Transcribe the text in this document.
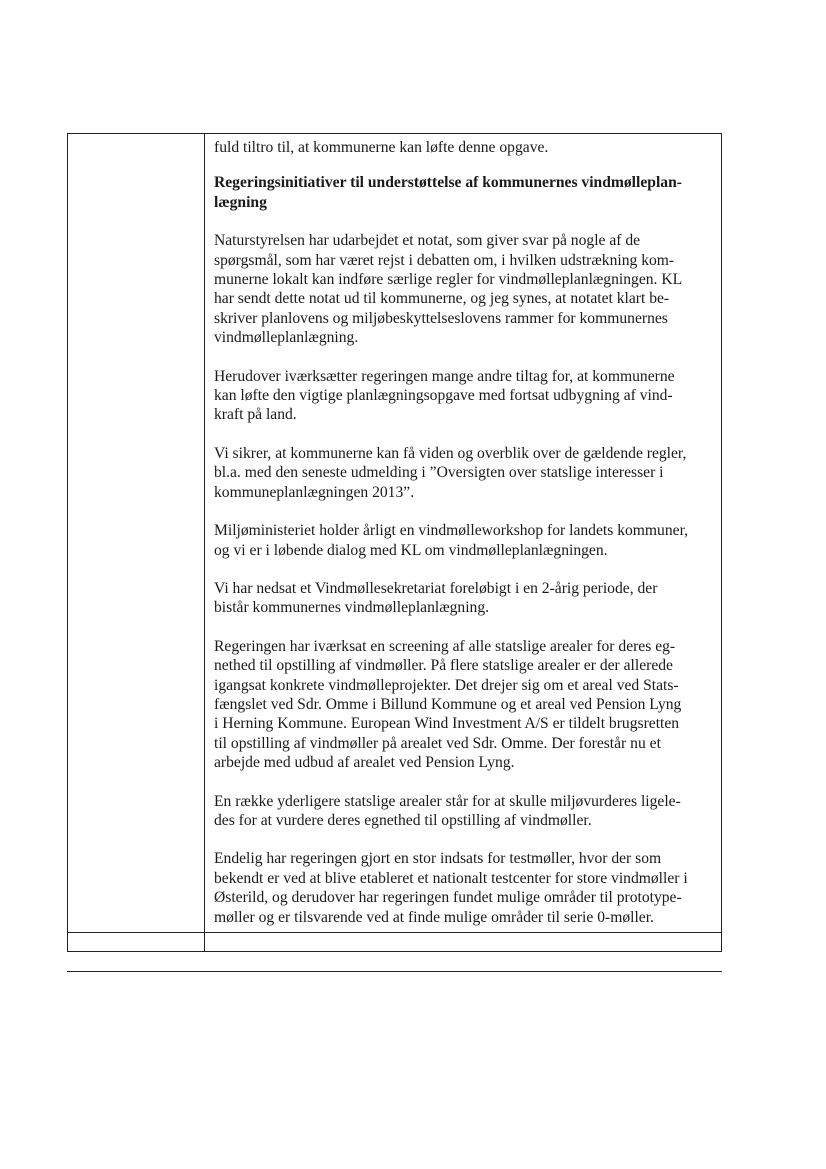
fuld tiltro til, at kommunerne kan løfte denne opgave.

Regeringsinitiativer til understøttelse af kommunernes vindmølleplan-
lægning

Naturstyrelsen har udarbejdet et notat, som giver svar på nogle af de
spørgsmål, som har været rejst i debatten om, i hvilken udstrækning kom-
munerne lokalt kan indføre særlige regler for vindmølleplanlægningen. KL
har sendt dette notat ud til kommunerne, og jeg synes, at notatet klart be-
skriver planlovens og miljøbeskyttelseslovens rammer for kommunernes
vindmølleplanlægning.

Herudover iværksætter regeringen mange andre tiltag for, at kommunerne
kan løfte den vigtige planlægningsopgave med fortsat udbygning af vind-
kraft på land.

Vi sikrer, at kommunerne kan få viden og overblik over de gældende regler,
bl.a. med den seneste udmelding i ”Oversigten over statslige interesser i
kommuneplanlægningen 2013”.

Miljøministeriet holder årligt en vindmølleworkshop for landets kommuner,
og vi er i løbende dialog med KL om vindmølleplanlægningen.

Vi har nedsat et Vindmøllesekretariat foreløbigt i en 2-årig periode, der
bistår kommunernes vindmølleplanlægning.

Regeringen har iværksat en screening af alle statslige arealer for deres eg-
nethed til opstilling af vindmøller. På flere statslige arealer er der allerede
igangsat konkrete vindmølleprojekter. Det drejer sig om et areal ved Stats-
fængslet ved Sdr. Omme i Billund Kommune og et areal ved Pension Lyng
i Herning Kommune. European Wind Investment A/S er tildelt brugsretten
til opstilling af vindmøller på arealet ved Sdr. Omme. Der forestår nu et
arbejde med udbud af arealet ved Pension Lyng.

En række yderligere statslige arealer står for at skulle miljøvurderes ligele-
des for at vurdere deres egnethed til opstilling af vindmøller.

Endelig har regeringen gjort en stor indsats for testmøller, hvor der som
bekendt er ved at blive etableret et nationalt testcenter for store vindmøller i
Østerild, og derudover har regeringen fundet mulige områder til prototype-
møller og er tilsvarende ved at finde mulige områder til serie 0-møller.
